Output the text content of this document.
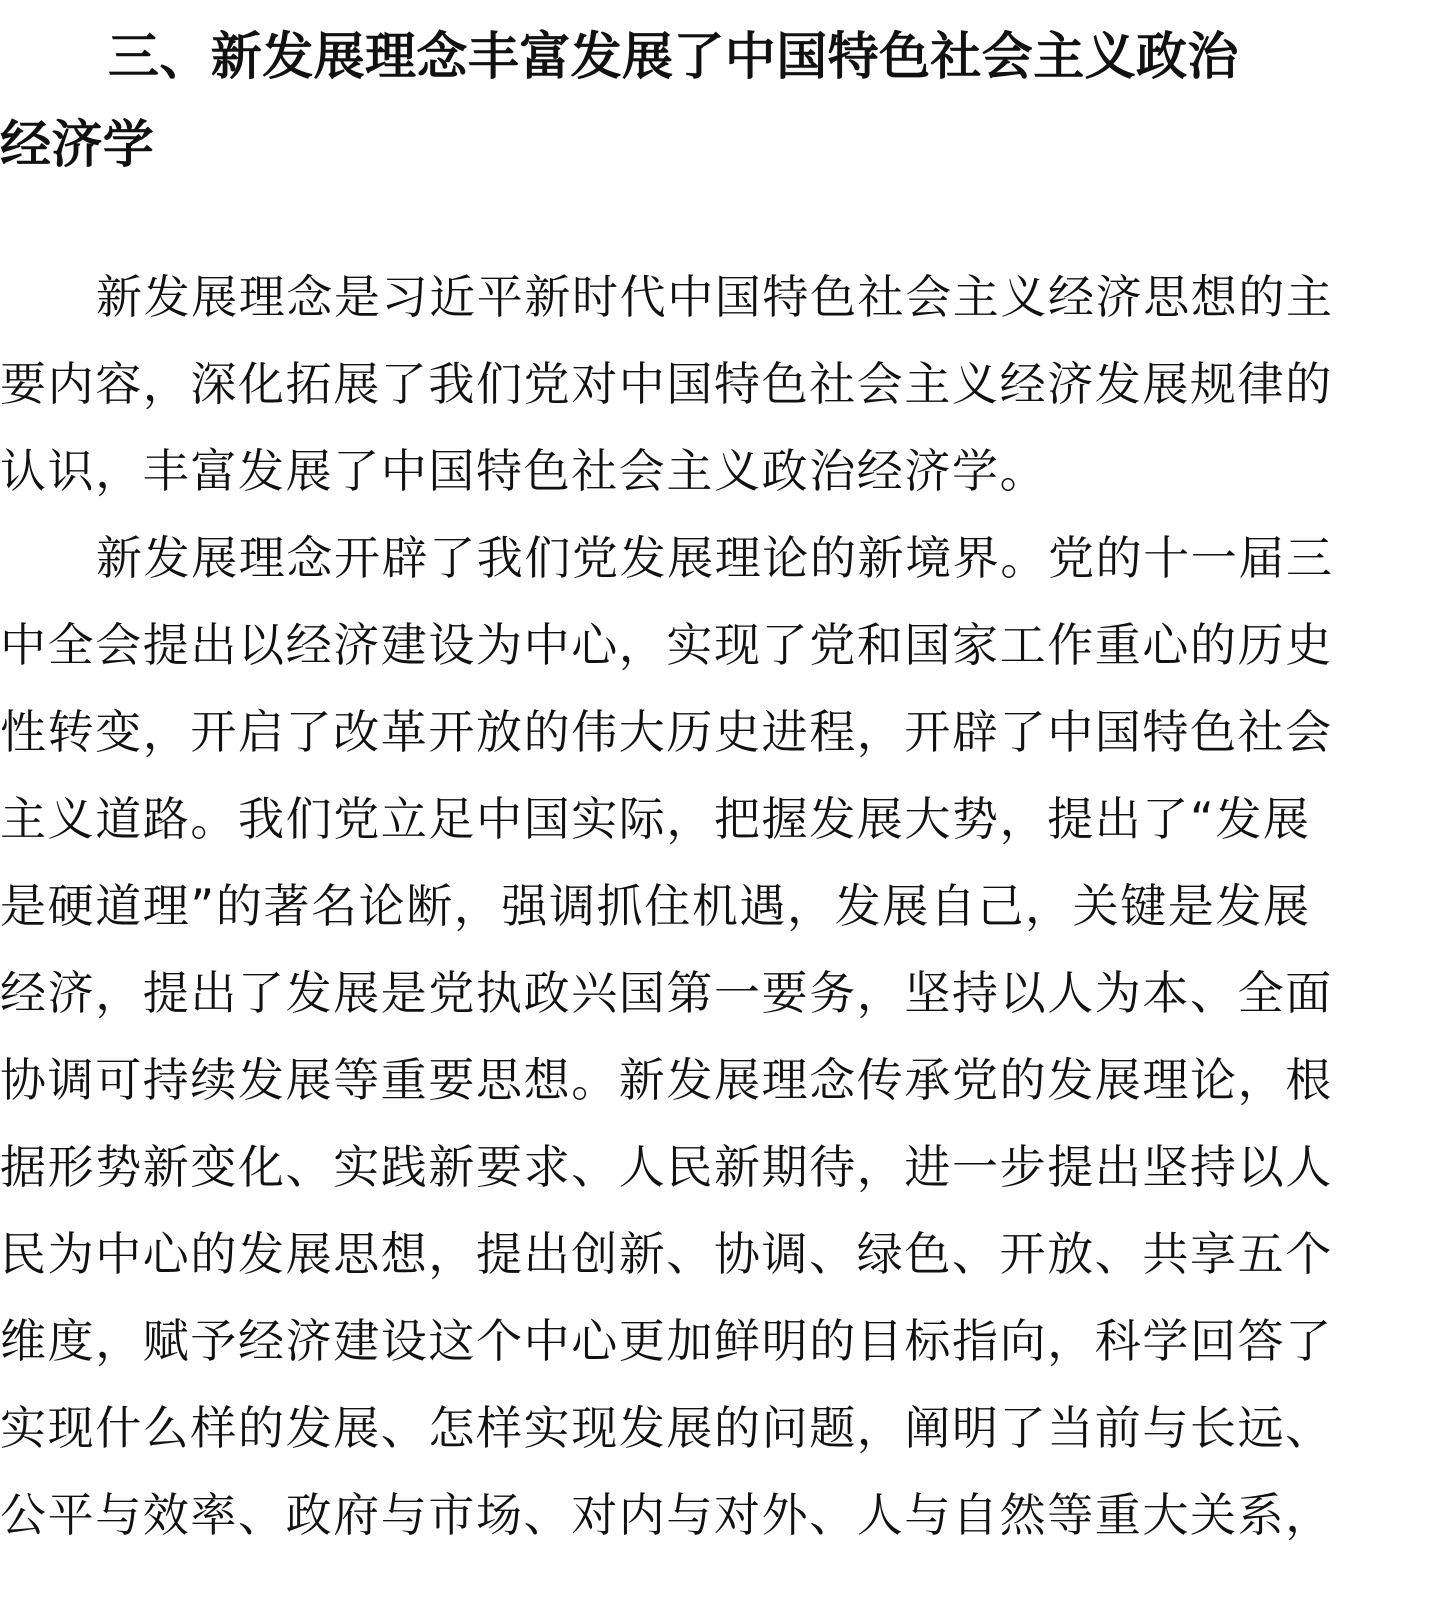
三、新发展理念丰富发展了中国特色社会主义政治
经济学

新发展理念是习近平新时代中国特色社会主义经济思想的主
要内容，深化拓展了我们党对中国特色社会主义经济发展规律的
认识，丰富发展了中国特色社会主义政治经济学。

新发展理念开辟了我们党发展理论的新境界。党的十一届三
中全会提出以经济建设为中心，实现了党和国家工作重心的历史
性转变，开启了改革开放的伟大历史进程，开辟了中国特色社会
主义道路。我们党立足中国实际，把握发展大势，提出了“发展
是硬道理”的著名论断，强调抓住机遇，发展自己，关键是发展
经济，提出了发展是党执政兴国第一要务，坚持以人为本、全面
协调可持续发展等重要思想。新发展理念传承党的发展理论，根
据形势新变化、实践新要求、人民新期待，进一步提出坚持以人
民为中心的发展思想，提出创新、协调、绿色、开放、共享五个
维度，赋予经济建设这个中心更加鲜明的目标指向，科学回答了
实现什么样的发展、怎样实现发展的问题，阐明了当前与长远、
公平与效率、政府与市场、对内与对外、人与自然等重大关系，
